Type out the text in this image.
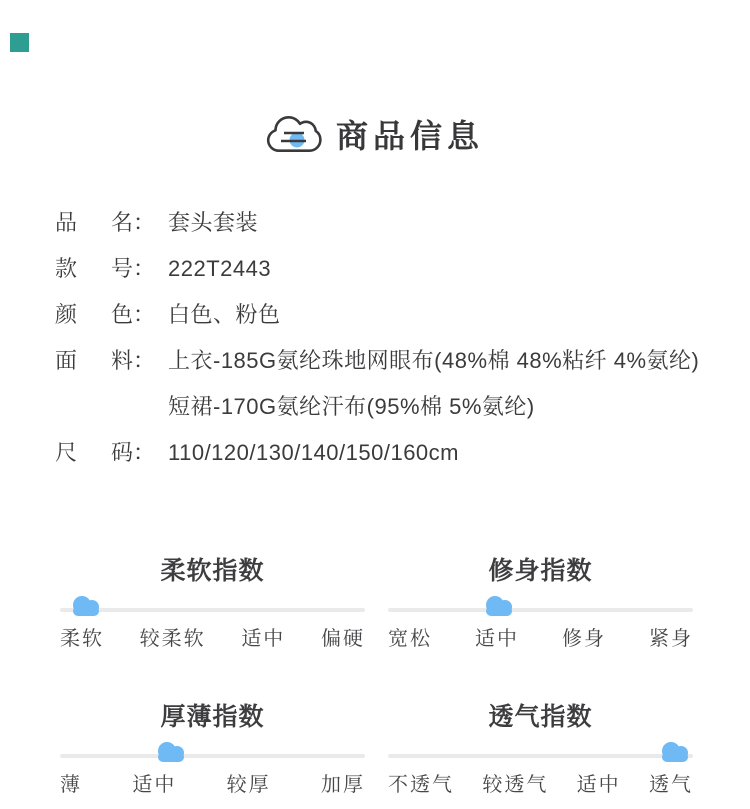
商品信息
品名 ： 套头套装
款号 ： 222T2443
颜色 ： 白色、粉色
面料 ： 上衣-185G氨纶珠地网眼布(48%棉 48%粘纤 4%氨纶)
短裙-170G氨纶汗布(95%棉 5%氨纶)
尺码 ： 110/120/130/140/150/160cm
柔软指数
柔软 较柔软 适中 偏硬
修身指数
宽松 适中 修身 紧身
厚薄指数
薄	适中	较厚	加厚
透气指数
不透气 较透气 适中 透气
